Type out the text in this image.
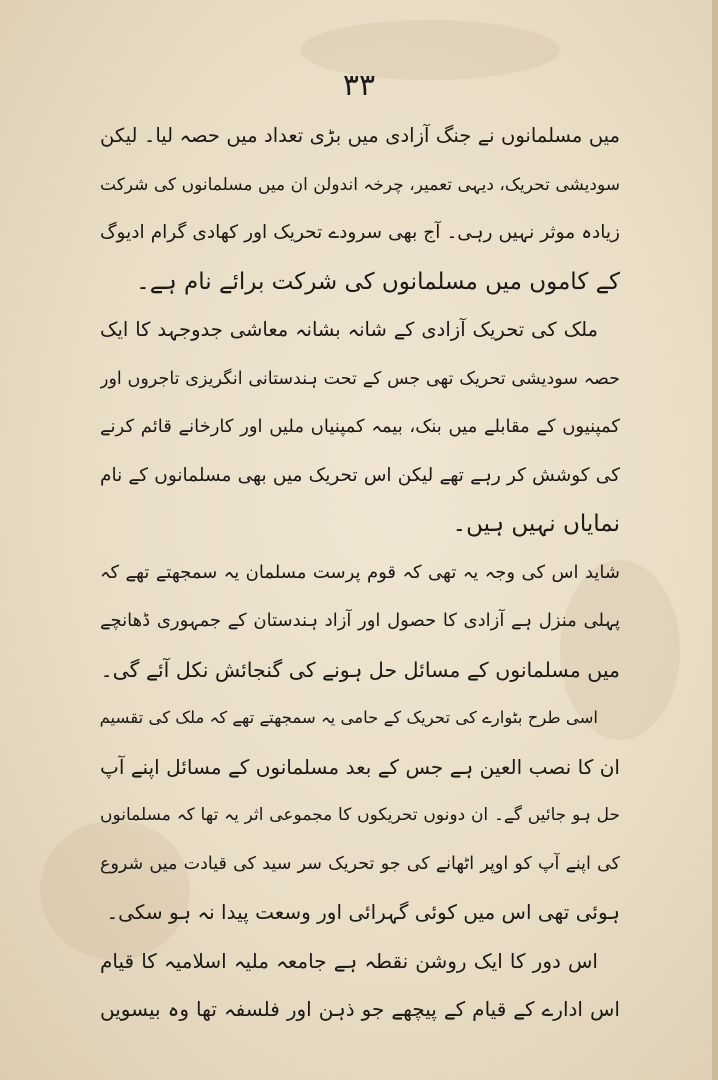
۳۳
میں مسلمانوں نے جنگ آزادی میں بڑی تعداد میں حصہ لیا۔ لیکن
سودیشی تحریک، دیہی تعمیر، چرخہ اندولن ان میں مسلمانوں کی شرکت
زیادہ موثر نہیں رہی۔ آج بھی سرودے تحریک اور کھادی گرام ادیوگ
کے کاموں میں مسلمانوں کی شرکت برائے نام ہے۔
ملک کی تحریک آزادی کے شانہ بشانہ معاشی جدوجہد کا ایک
حصہ سودیشی تحریک تھی جس کے تحت ہندستانی انگریزی تاجروں اور
کمپنیوں کے مقابلے میں بنک، بیمہ کمپنیاں ملیں اور کارخانے قائم کرنے
کی کوشش کر رہے تھے لیکن اس تحریک میں بھی مسلمانوں کے نام
نمایاں نہیں ہیں۔
شاید اس کی وجہ یہ تھی کہ قوم پرست مسلمان یہ سمجھتے تھے کہ
پہلی منزل ہے آزادی کا حصول اور آزاد ہندستان کے جمہوری ڈھانچے
میں مسلمانوں کے مسائل حل ہونے کی گنجائش نکل آئے گی۔
اسی طرح بٹوارے کی تحریک کے حامی یہ سمجھتے تھے کہ ملک کی تقسیم
ان کا نصب العین ہے جس کے بعد مسلمانوں کے مسائل اپنے آپ
حل ہو جائیں گے۔ ان دونوں تحریکوں کا مجموعی اثر یہ تھا کہ مسلمانوں
کی اپنے آپ کو اوپر اٹھانے کی جو تحریک سر سید کی قیادت میں شروع
ہوئی تھی اس میں کوئی گہرائی اور وسعت پیدا نہ ہو سکی۔
اس دور کا ایک روشن نقطہ ہے جامعہ ملیہ اسلامیہ کا قیام
اس ادارے کے قیام کے پیچھے جو ذہن اور فلسفہ تھا وہ بیسویں
